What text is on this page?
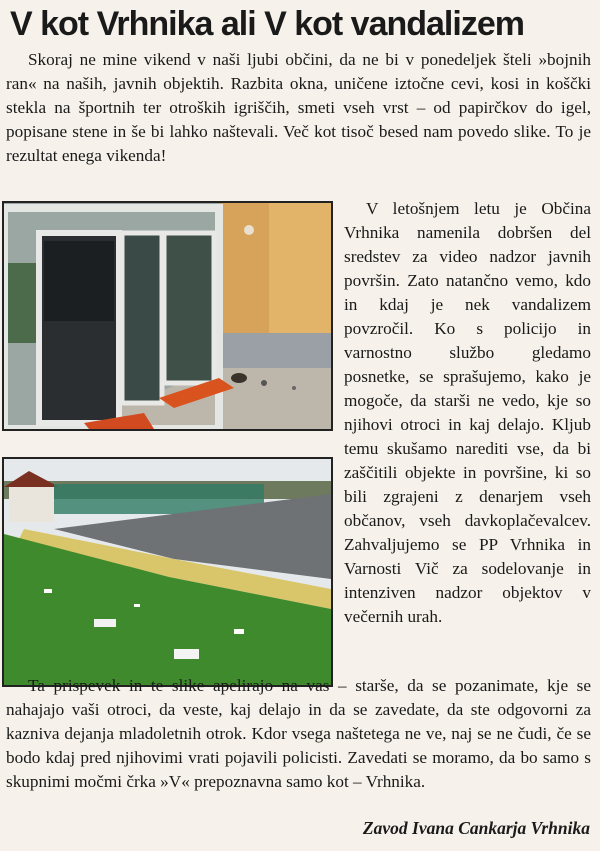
V kot Vrhnika ali V kot vandalizem

Skoraj ne mine vikend v naši ljubi občini, da ne bi v ponedeljek šteli »bojnih ran« na naših, javnih objektih. Razbita okna, uničene iztočne cevi, kosi in koščki stekla na športnih ter otroških igriščih, smeti vseh vrst – od papirčkov do igel, popisane stene in še bi lahko naštevali. Več kot tisoč besed nam povedo slike. To je rezultat enega vikenda!

V letošnjem letu je Občina Vrhnika namenila dobršen del sredstev za video nadzor javnih površin. Zato natančno vemo, kdo in kdaj je nek vandalizem povzročil. Ko s policijo in varnostno službo gledamo posnetke, se sprašujemo, kako je mogoče, da starši ne vedo, kje so njihovi otroci in kaj delajo. Kljub temu skušamo narediti vse, da bi zaščitili objekte in površine, ki so bili zgrajeni z denarjem vseh občanov, vseh davkoplačevalcev. Zahvaljujemo se PP Vrhnika in Varnosti Vič za sodelovanje in intenziven nadzor objektov v večernih urah.

Ta prispevek in te slike apelirajo na vas – starše, da se pozanimate, kje se nahajajo vaši otroci, da veste, kaj delajo in da se zavedate, da ste odgovorni za kazniva dejanja mladoletnih otrok. Kdor vsega naštetega ne ve, naj se ne čudi, če se bodo kdaj pred njihovimi vrati pojavili policisti. Zavedati se moramo, da bo samo s skupnimi močmi črka »V« prepoznavna samo kot – Vrhnika.

Zavod Ivana Cankarja Vrhnika
